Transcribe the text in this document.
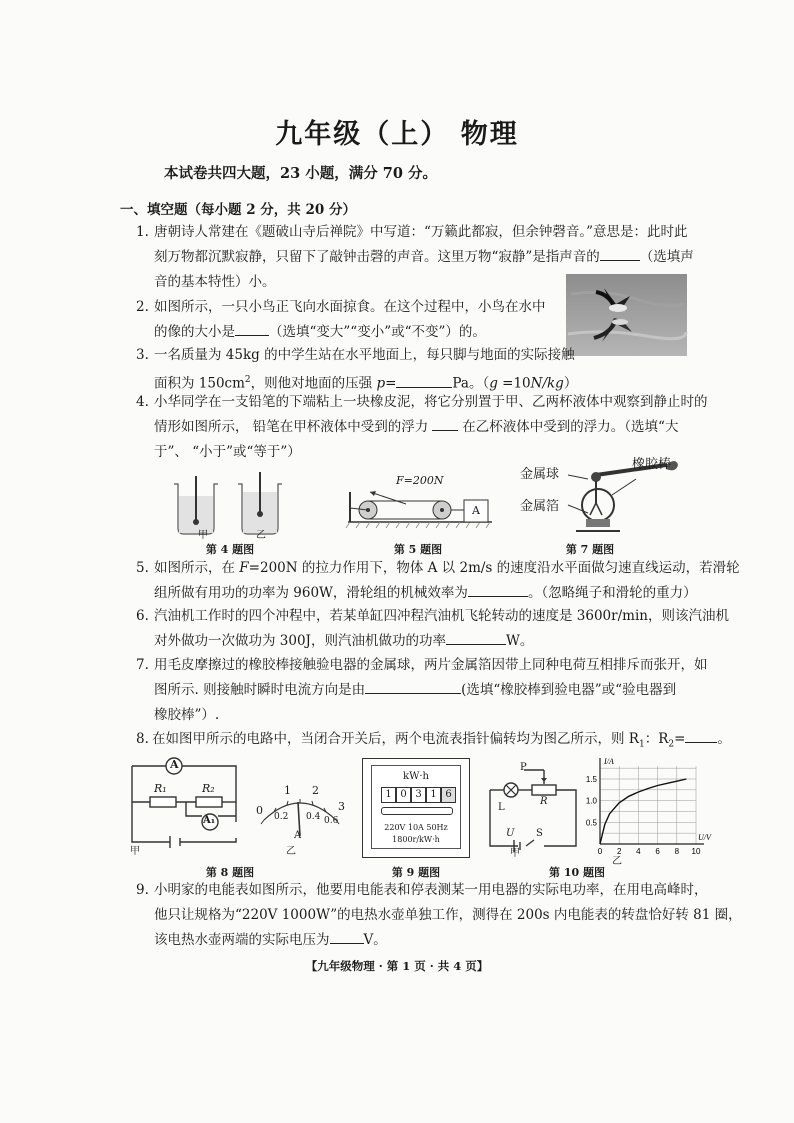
九年级（上） 物理
本试卷共四大题，23 小题，满分 70 分。
一、填空题（每小题 2 分，共 20 分）
1. 唐朝诗人常建在《题破山寺后禅院》中写道：“万籁此都寂，但余钟磬音。”意思是：此时此
刻万物都沉默寂静，只留下了敲钟击磬的声音。这里万物“寂静”是指声音的	（选填声
音的基本特性）小。
2. 如图所示，一只小鸟正飞向水面掠食。在这个过程中，小鸟在水中
的像的大小是	（选填“变大”“变小”或“不变”）的。
3. 一名质量为 45kg 的中学生站在水平地面上，每只脚与地面的实际接触
面积为 $150cm^2$，则他对地面的压强 p=	Pa。（g =10N/kg）
4. 小华同学在一支铅笔的下端粘上一块橡皮泥，将它分别置于甲、乙两杯液体中观察到静止时的
情形如图所示， 铅笔在甲杯液体中受到的浮力	在乙杯液体中受到的浮力。（选填“大
于”、 “小于”或“等于”）
甲	乙
第 4 题图
F=200N
A
第 5 题图
金属球
金属箔
橡胶棒
第 7 题图
5. 如图所示，在 F=200N 的拉力作用下，物体 A 以 2m/s 的速度沿水平面做匀速直线运动，若滑轮
组所做有用功的功率为 960W，滑轮组的机械效率为	。（忽略绳子和滑轮的重力）
6. 汽油机工作时的四个冲程中，若某单缸四冲程汽油机飞轮转动的速度是 3600r/min，则该汽油机
对外做功一次做功为 300J，则汽油机做功的功率	W。
7. 用毛皮摩擦过的橡胶棒接触验电器的金属球，两片金属箔因带上同种电荷互相排斥而张开，如
图所示. 则接触时瞬时电流方向是由	(选填“橡胶棒到验电器”或“验电器到
橡胶棒”）.
8. 在如图甲所示的电路中，当闭合开关后，两个电流表指针偏转均为图乙所示，则 $R_1$：$R_2=$ 。
A
R₁	R₂
A₁
甲
0
1 2
3
0.2 0.4 0.6
A
乙
第 8 题图
kW·h
1 0 3 1 6
220V 10A 50Hz
1800r/kW·h
第 9 题图
P
R
L
U S
甲	0 2 4 6 8 10
0.5
1.0
1.5
U/V
I/A
乙
第 10 题图
9. 小明家的电能表如图所示，他要用电能表和停表测某一用电器的实际电功率，在用电高峰时，
他只让规格为“220V 1000W”的电热水壶单独工作，测得在 200s 内电能表的转盘恰好转 81 圈，
该电热水壶两端的实际电压为	V。
【九年级物理 · 第 1 页 · 共 4 页】
